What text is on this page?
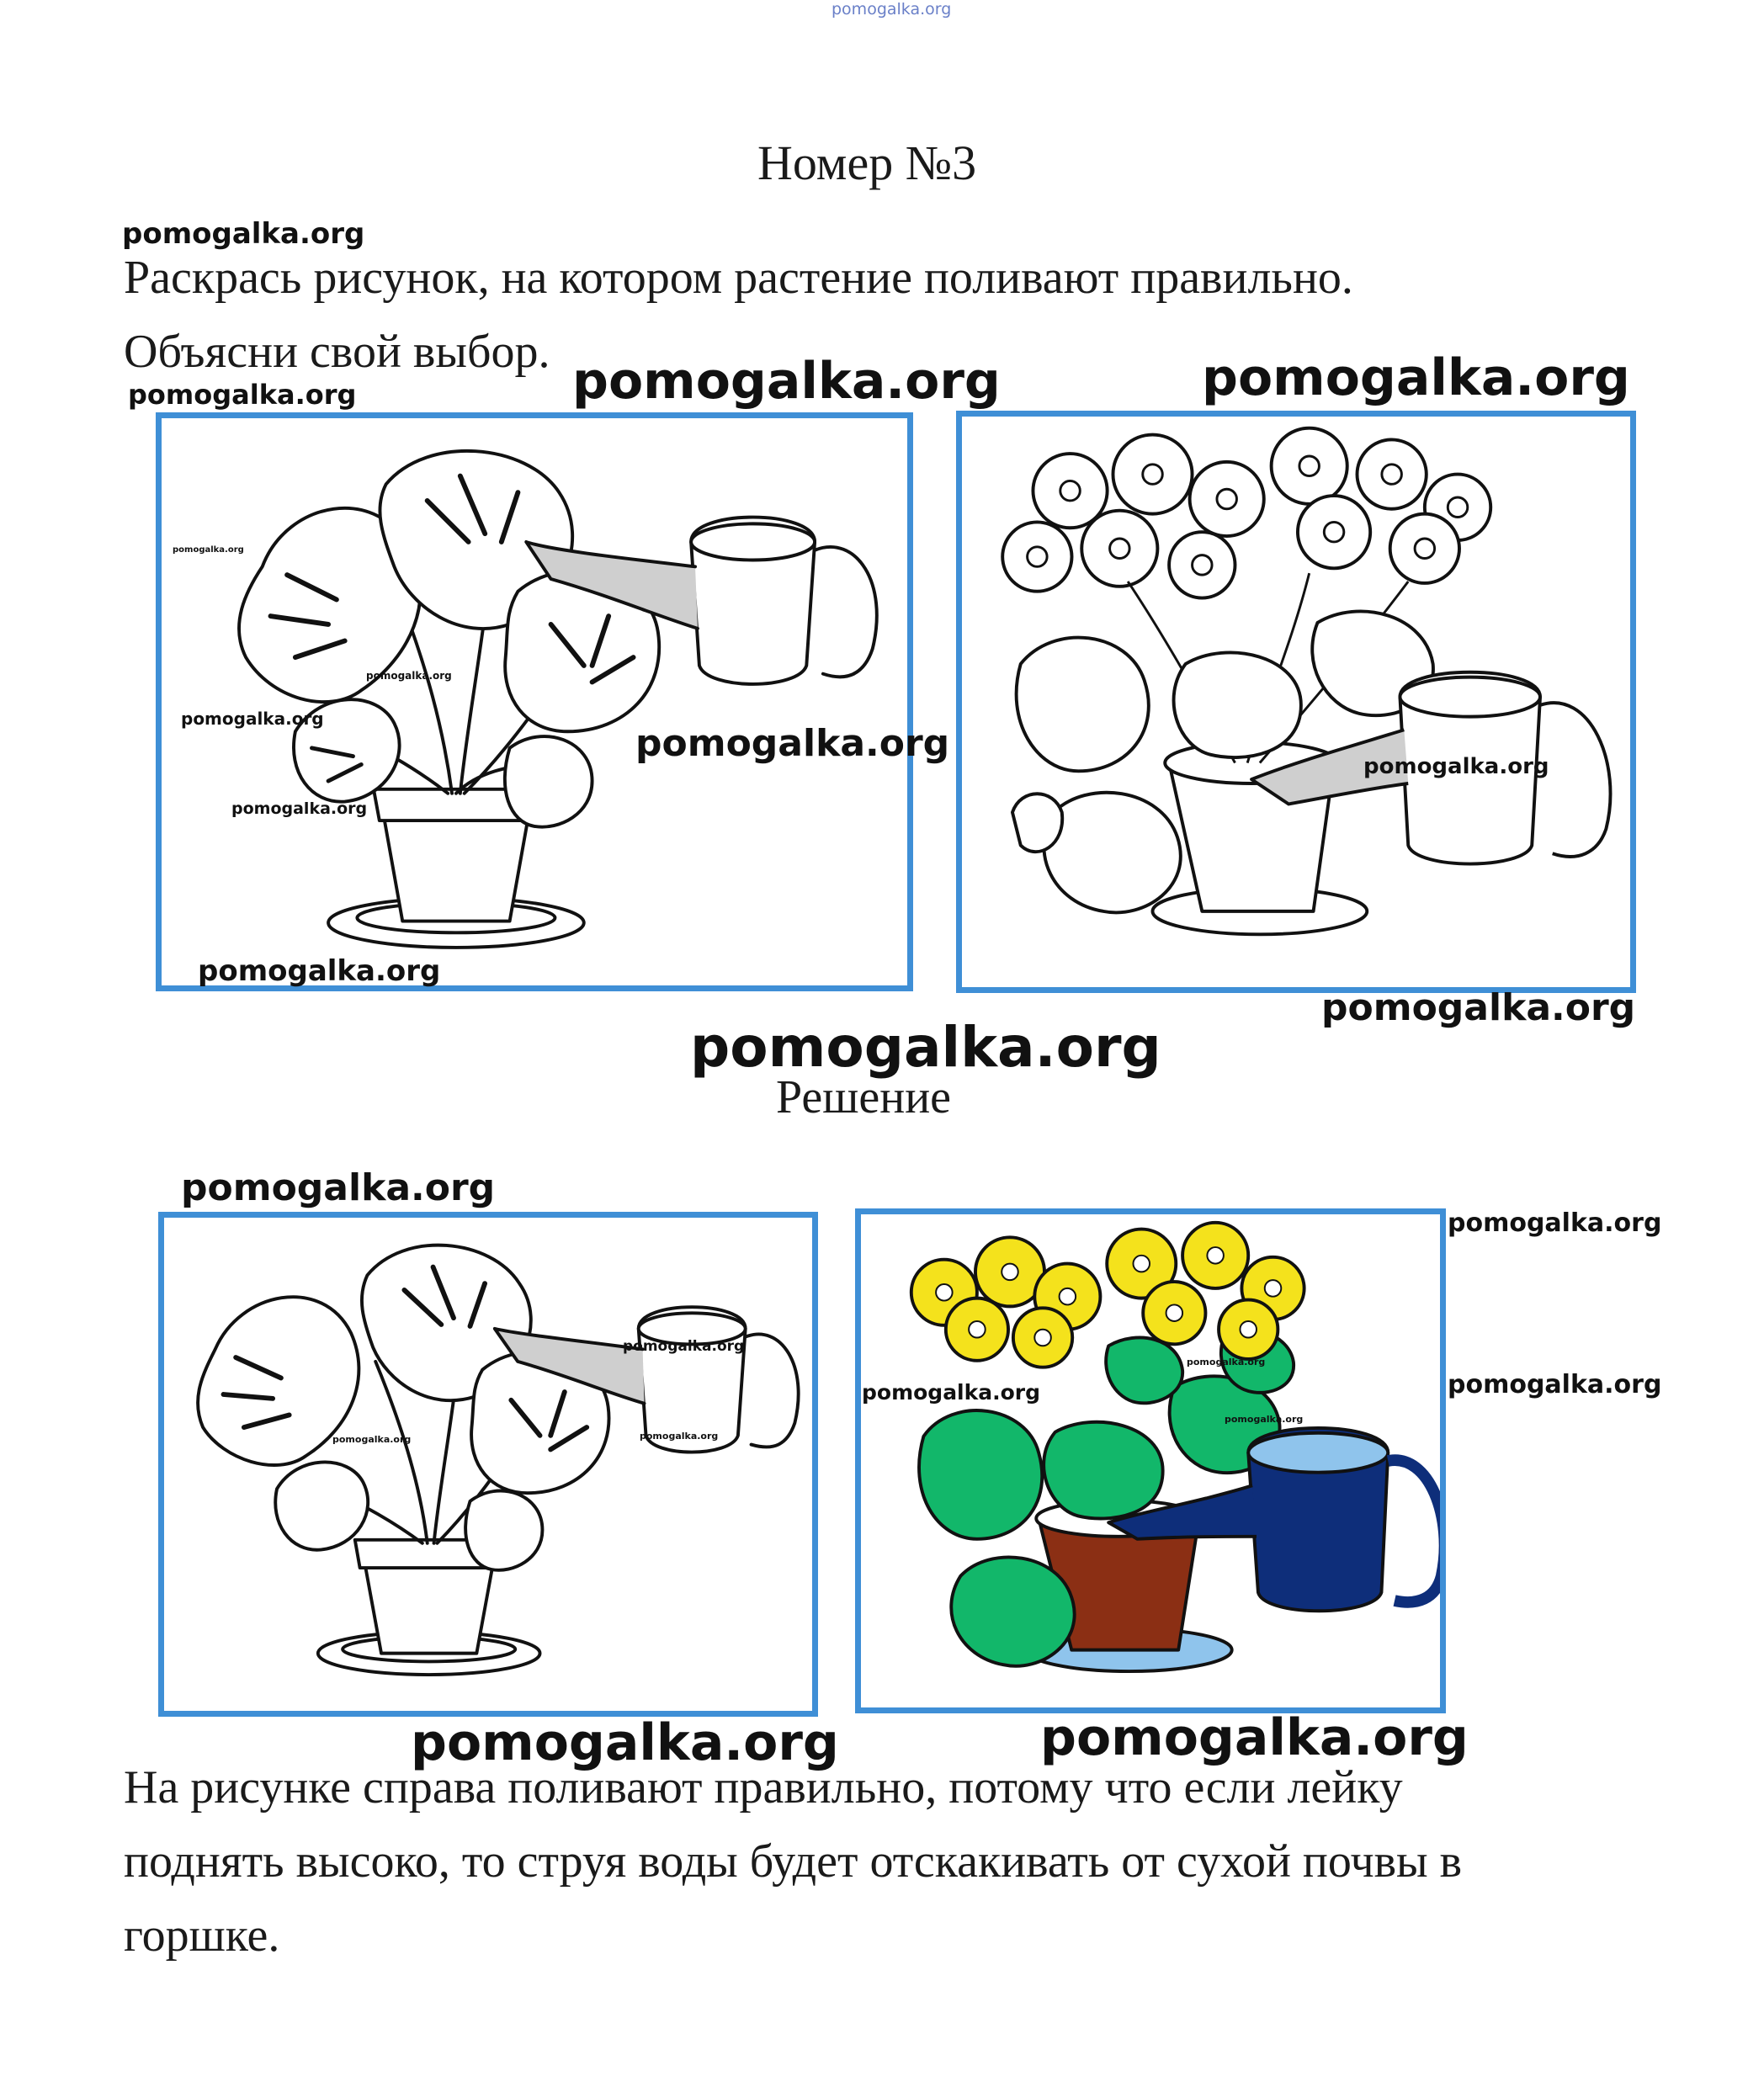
pomogalka.org
Номер №3
pomogalka.org
Раскрась рисунок, на котором растение поливают правильно.
Объясни свой выбор.
pomogalka.org	pomogalka.org	pomogalka.org
pomogalka.org
pomogalka.org
pomogalka.org
pomogalka.org
pomogalka.org
pomogalka.org
pomogalka.org
pomogalka.org
pomogalka.org
Решение
pomogalka.org
pomogalka.org
pomogalka.org
pomogalka.org
pomogalka.org
pomogalka.org
pomogalka.org
pomogalka.org
pomogalka.org
pomogalka.org	pomogalka.org
На рисунке справа поливают правильно, потому что если лейку
поднять высоко, то струя воды будет отскакивать от сухой почвы в
горшке.
